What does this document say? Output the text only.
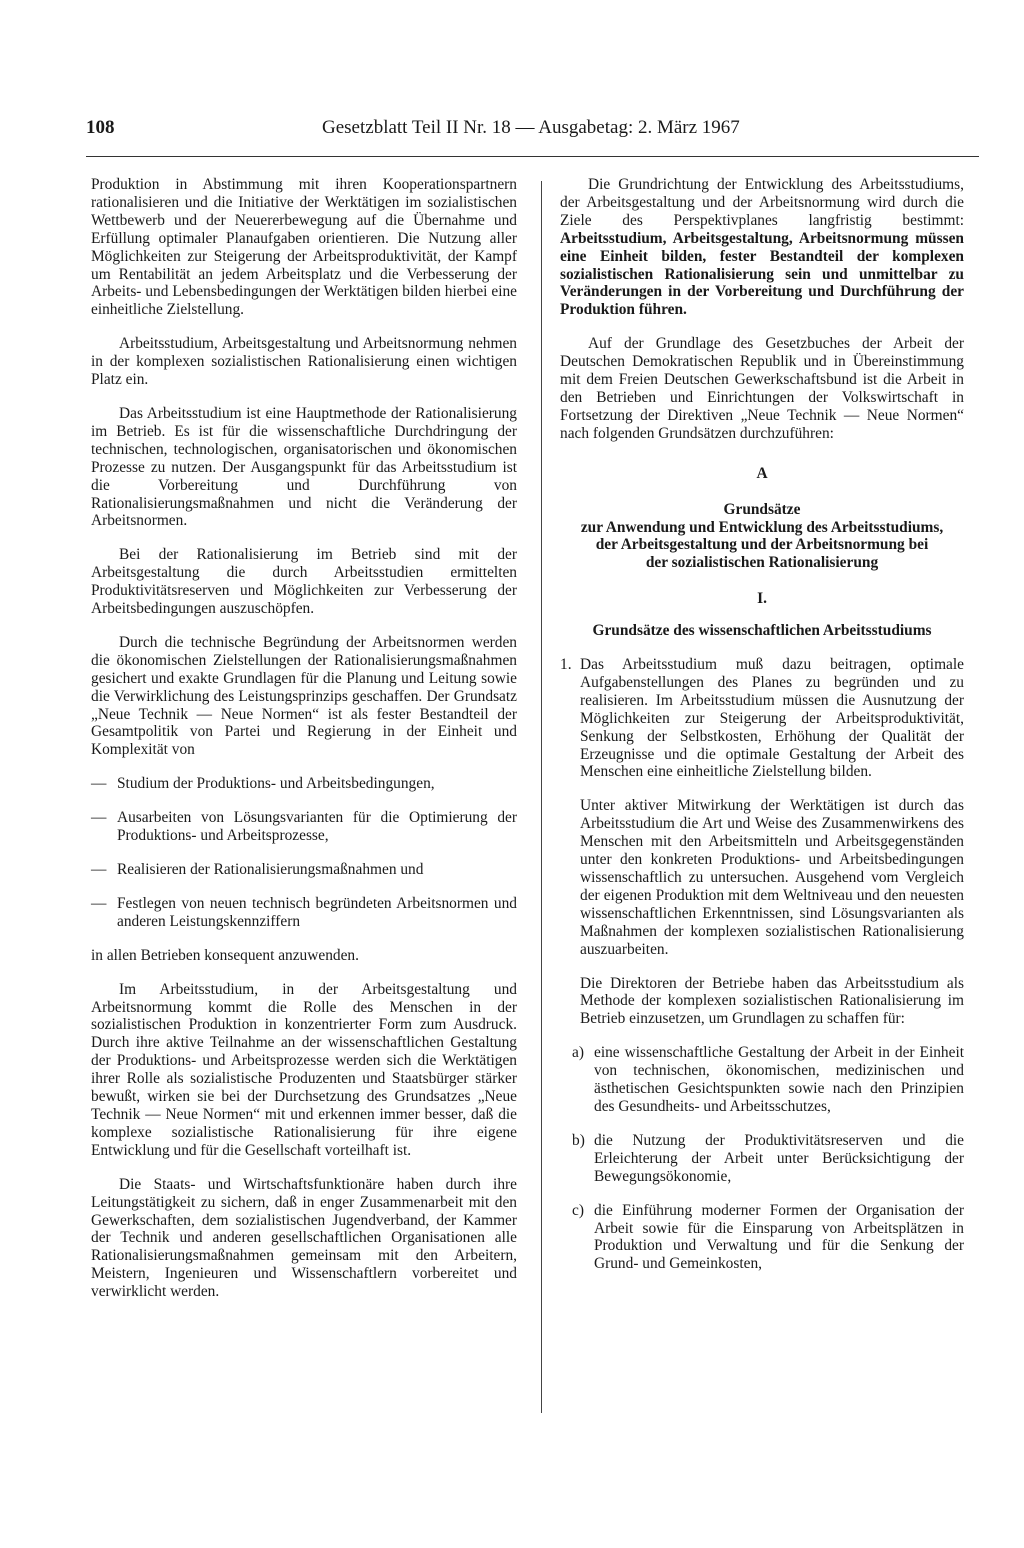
108	Gesetzblatt Teil II Nr. 18 — Ausgabetag: 2. März 1967

Produktion in Abstimmung mit ihren Kooperationspartnern rationalisieren und die Initiative der Werktätigen im sozialistischen Wettbewerb und der Neuererbewegung auf die Übernahme und Erfüllung optimaler Planaufgaben orientieren. Die Nutzung aller Möglichkeiten zur Steigerung der Arbeitsproduktivität, der Kampf um Rentabilität an jedem Arbeitsplatz und die Verbesserung der Arbeits- und Lebensbedingungen der Werktätigen bilden hierbei eine einheitliche Zielstellung.

Arbeitsstudium, Arbeitsgestaltung und Arbeitsnormung nehmen in der komplexen sozialistischen Rationalisierung einen wichtigen Platz ein.

Das Arbeitsstudium ist eine Hauptmethode der Rationalisierung im Betrieb. Es ist für die wissenschaftliche Durchdringung der technischen, technologischen, organisatorischen und ökonomischen Prozesse zu nutzen. Der Ausgangspunkt für das Arbeitsstudium ist die Vorbereitung und Durchführung von Rationalisierungsmaßnahmen und nicht die Veränderung der Arbeitsnormen.

Bei der Rationalisierung im Betrieb sind mit der Arbeitsgestaltung die durch Arbeitsstudien ermittelten Produktivitätsreserven und Möglichkeiten zur Verbesserung der Arbeitsbedingungen auszuschöpfen.

Durch die technische Begründung der Arbeitsnormen werden die ökonomischen Zielstellungen der Rationalisierungsmaßnahmen gesichert und exakte Grundlagen für die Planung und Leitung sowie die Verwirklichung des Leistungsprinzips geschaffen. Der Grundsatz „Neue Technik — Neue Normen“ ist als fester Bestandteil der Gesamtpolitik von Partei und Regierung in der Einheit und Komplexität von

— Studium der Produktions- und Arbeitsbedingungen,

— Ausarbeiten von Lösungsvarianten für die Optimierung der Produktions- und Arbeitsprozesse,

— Realisieren der Rationalisierungsmaßnahmen und

— Festlegen von neuen technisch begründeten Arbeitsnormen und anderen Leistungskennziffern

in allen Betrieben konsequent anzuwenden.

Im Arbeitsstudium, in der Arbeitsgestaltung und Arbeitsnormung kommt die Rolle des Menschen in der sozialistischen Produktion in konzentrierter Form zum Ausdruck. Durch ihre aktive Teilnahme an der wissenschaftlichen Gestaltung der Produktions- und Arbeitsprozesse werden sich die Werktätigen ihrer Rolle als sozialistische Produzenten und Staatsbürger stärker bewußt, wirken sie bei der Durchsetzung des Grundsatzes „Neue Technik — Neue Normen“ mit und erkennen immer besser, daß die komplexe sozialistische Rationalisierung für ihre eigene Entwicklung und für die Gesellschaft vorteilhaft ist.

Die Staats- und Wirtschaftsfunktionäre haben durch ihre Leitungstätigkeit zu sichern, daß in enger Zusammenarbeit mit den Gewerkschaften, dem sozialistischen Jugendverband, der Kammer der Technik und anderen gesellschaftlichen Organisationen alle Rationalisierungsmaßnahmen gemeinsam mit den Arbeitern, Meistern, Ingenieuren und Wissenschaftlern vorbereitet und verwirklicht werden.

Die Grundrichtung der Entwicklung des Arbeitsstudiums, der Arbeitsgestaltung und der Arbeitsnormung wird durch die Ziele des Perspektivplanes langfristig bestimmt: Arbeitsstudium, Arbeitsgestaltung, Arbeitsnormung müssen eine Einheit bilden, fester Bestandteil der komplexen sozialistischen Rationalisierung sein und unmittelbar zu Veränderungen in der Vorbereitung und Durchführung der Produktion führen.

Auf der Grundlage des Gesetzbuches der Arbeit der Deutschen Demokratischen Republik und in Übereinstimmung mit dem Freien Deutschen Gewerkschaftsbund ist die Arbeit in den Betrieben und Einrichtungen der Volkswirtschaft in Fortsetzung der Direktiven „Neue Technik — Neue Normen“ nach folgenden Grundsätzen durchzuführen:

A

Grundsätze
zur Anwendung und Entwicklung des Arbeitsstudiums,
der Arbeitsgestaltung und der Arbeitsnormung bei
der sozialistischen Rationalisierung

I.

Grundsätze des wissenschaftlichen Arbeitsstudiums

1. Das Arbeitsstudium muß dazu beitragen, optimale Aufgabenstellungen des Planes zu begründen und zu realisieren. Im Arbeitsstudium müssen die Ausnutzung der Möglichkeiten zur Steigerung der Arbeitsproduktivität, Senkung der Selbstkosten, Erhöhung der Qualität der Erzeugnisse und die optimale Gestaltung der Arbeit des Menschen eine einheitliche Zielstellung bilden.

Unter aktiver Mitwirkung der Werktätigen ist durch das Arbeitsstudium die Art und Weise des Zusammenwirkens des Menschen mit den Arbeitsmitteln und Arbeitsgegenständen unter den konkreten Produktions- und Arbeitsbedingungen wissenschaftlich zu untersuchen. Ausgehend vom Vergleich der eigenen Produktion mit dem Weltniveau und den neuesten wissenschaftlichen Erkenntnissen, sind Lösungsvarianten als Maßnahmen der komplexen sozialistischen Rationalisierung auszuarbeiten.

Die Direktoren der Betriebe haben das Arbeitsstudium als Methode der komplexen sozialistischen Rationalisierung im Betrieb einzusetzen, um Grundlagen zu schaffen für:

a) eine wissenschaftliche Gestaltung der Arbeit in der Einheit von technischen, ökonomischen, medizinischen und ästhetischen Gesichtspunkten sowie nach den Prinzipien des Gesundheits- und Arbeitsschutzes,

b) die Nutzung der Produktivitätsreserven und die Erleichterung der Arbeit unter Berücksichtigung der Bewegungsökonomie,

c) die Einführung moderner Formen der Organisation der Arbeit sowie für die Einsparung von Arbeitsplätzen in Produktion und Verwaltung und für die Senkung der Grund- und Gemeinkosten,
